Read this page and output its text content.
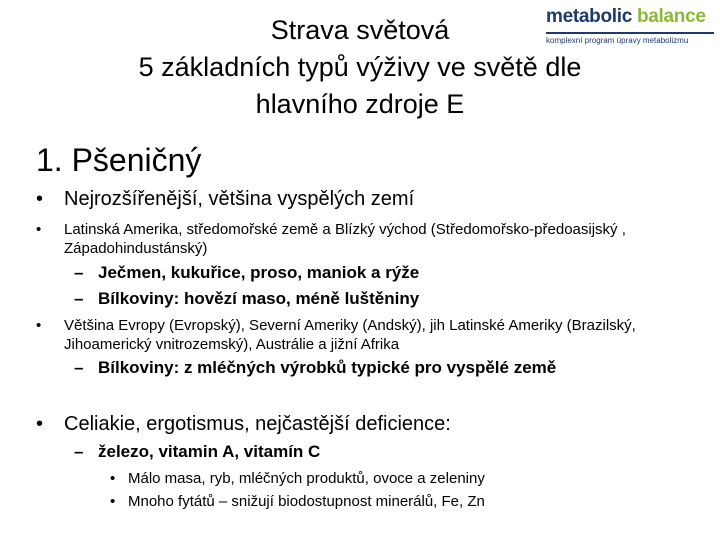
Strava světová
5 základních typů výživy ve světě dle
hlavního zdroje E
metabolic balance
komplexní program úpravy metabolizmu
1. Pšeničný
•	Nejrozšířenější, většina vyspělých zemí
•	Latinská Amerika, středomořské země a Blízký východ (Středomořsko-předoasijský , Západohindustánský)
– Ječmen, kukuřice, proso, maniok a rýže
– Bílkoviny: hovězí maso, méně luštěniny
•	Většina Evropy (Evropský), Severní Ameriky (Andský), jih Latinské Ameriky (Brazilský, Jihoamerický vnitrozemský), Austrálie a jižní Afrika
– Bílkoviny: z mléčných výrobků typické pro vyspělé země
•	Celiakie, ergotismus, nejčastější deficience:
– železo, vitamin A, vitamín C
• Málo masa, ryb, mléčných produktů, ovoce a zeleniny
• Mnoho fytátů – snižují biodostupnost minerálů, Fe, Zn
